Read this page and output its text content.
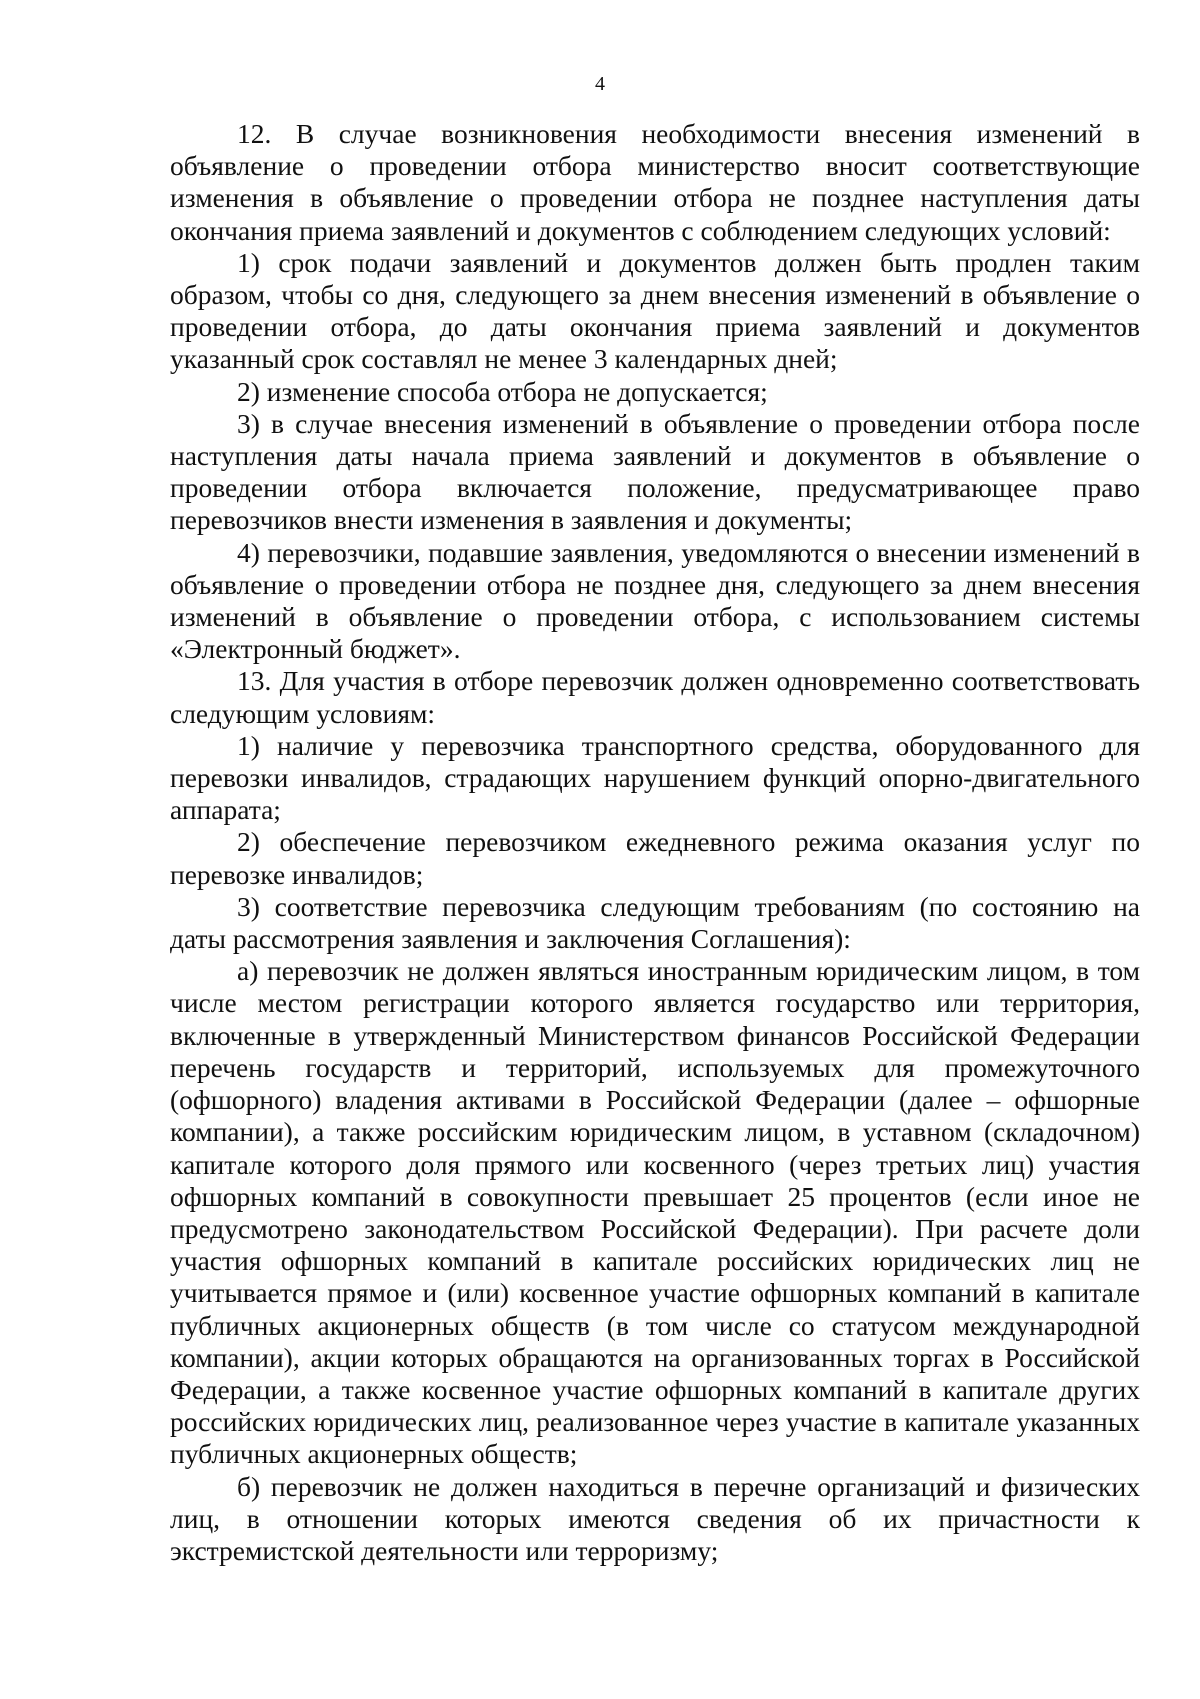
4

12. В случае возникновения необходимости внесения изменений в объявление о проведении отбора министерство вносит соответствующие изменения в объявление о проведении отбора не позднее наступления даты окончания приема заявлений и документов с соблюдением следующих условий:

1) срок подачи заявлений и документов должен быть продлен таким образом, чтобы со дня, следующего за днем внесения изменений в объявление о проведении отбора, до даты окончания приема заявлений и документов указанный срок составлял не менее 3 календарных дней;

2) изменение способа отбора не допускается;

3) в случае внесения изменений в объявление о проведении отбора после наступления даты начала приема заявлений и документов в объявление о проведении отбора включается положение, предусматривающее право перевозчиков внести изменения в заявления и документы;

4) перевозчики, подавшие заявления, уведомляются о внесении изменений в объявление о проведении отбора не позднее дня, следующего за днем внесения изменений в объявление о проведении отбора, с использованием системы «Электронный бюджет».

13. Для участия в отборе перевозчик должен одновременно соответствовать следующим условиям:

1) наличие у перевозчика транспортного средства, оборудованного для перевозки инвалидов, страдающих нарушением функций опорно-двигательного аппарата;

2) обеспечение перевозчиком ежедневного режима оказания услуг по перевозке инвалидов;

3) соответствие перевозчика следующим требованиям (по состоянию на даты рассмотрения заявления и заключения Соглашения):

а) перевозчик не должен являться иностранным юридическим лицом, в том числе местом регистрации которого является государство или территория, включенные в утвержденный Министерством финансов Российской Федерации перечень государств и территорий, используемых для промежуточного (офшорного) владения активами в Российской Федерации (далее – офшорные компании), а также российским юридическим лицом, в уставном (складочном) капитале которого доля прямого или косвенного (через третьих лиц) участия офшорных компаний в совокупности превышает 25 процентов (если иное не предусмотрено законодательством Российской Федерации). При расчете доли участия офшорных компаний в капитале российских юридических лиц не учитывается прямое и (или) косвенное участие офшорных компаний в капитале публичных акционерных обществ (в том числе со статусом международной компании), акции которых обращаются на организованных торгах в Российской Федерации, а также косвенное участие офшорных компаний в капитале других российских юридических лиц, реализованное через участие в капитале указанных публичных акционерных обществ;

б) перевозчик не должен находиться в перечне организаций и физических лиц, в отношении которых имеются сведения об их причастности к экстремистской деятельности или терроризму;
